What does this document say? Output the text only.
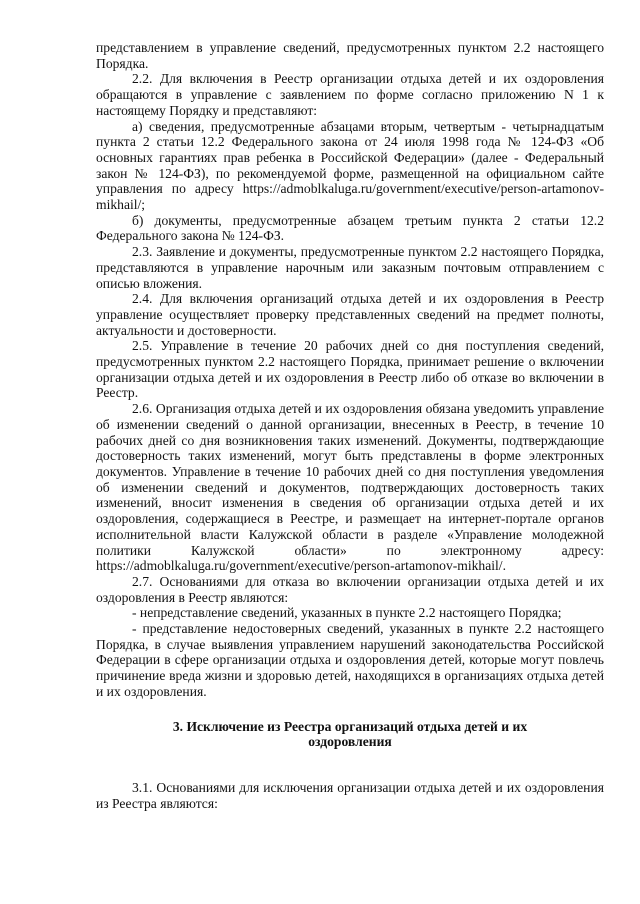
представлением в управление сведений, предусмотренных пунктом 2.2 настоящего Порядка.

2.2. Для включения в Реестр организации отдыха детей и их оздоровления обращаются в управление с заявлением по форме согласно приложению N 1 к настоящему Порядку и представляют:

а) сведения, предусмотренные абзацами вторым, четвертым - четырнадцатым пункта 2 статьи 12.2 Федерального закона от 24 июля 1998 года № 124-ФЗ «Об основных гарантиях прав ребенка в Российской Федерации» (далее - Федеральный закон № 124-ФЗ), по рекомендуемой форме, размещенной на официальном сайте управления по адресу https://admoblkaluga.ru/government/executive/person-artamonov-mikhail/;

б) документы, предусмотренные абзацем третьим пункта 2 статьи 12.2 Федерального закона № 124-ФЗ.

2.3. Заявление и документы, предусмотренные пунктом 2.2 настоящего Порядка, представляются в управление нарочным или заказным почтовым отправлением с описью вложения.

2.4. Для включения организаций отдыха детей и их оздоровления в Реестр управление осуществляет проверку представленных сведений на предмет полноты, актуальности и достоверности.

2.5. Управление в течение 20 рабочих дней со дня поступления сведений, предусмотренных пунктом 2.2 настоящего Порядка, принимает решение о включении организации отдыха детей и их оздоровления в Реестр либо об отказе во включении в Реестр.

2.6. Организация отдыха детей и их оздоровления обязана уведомить управление об изменении сведений о данной организации, внесенных в Реестр, в течение 10 рабочих дней со дня возникновения таких изменений. Документы, подтверждающие достоверность таких изменений, могут быть представлены в форме электронных документов. Управление в течение 10 рабочих дней со дня поступления уведомления об изменении сведений и документов, подтверждающих достоверность таких изменений, вносит изменения в сведения об организации отдыха детей и их оздоровления, содержащиеся в Реестре, и размещает на интернет-портале органов исполнительной власти Калужской области в разделе «Управление молодежной политики Калужской области» по электронному адресу: https://admoblkaluga.ru/government/executive/person-artamonov-mikhail/.

2.7. Основаниями для отказа во включении организации отдыха детей и их оздоровления в Реестр являются:

- непредставление сведений, указанных в пункте 2.2 настоящего Порядка;

- представление недостоверных сведений, указанных в пункте 2.2 настоящего Порядка, в случае выявления управлением нарушений законодательства Российской Федерации в сфере организации отдыха и оздоровления детей, которые могут повлечь причинение вреда жизни и здоровью детей, находящихся в организациях отдыха детей и их оздоровления.

3. Исключение из Реестра организаций отдыха детей и их
оздоровления

3.1. Основаниями для исключения организации отдыха детей и их оздоровления из Реестра являются:
